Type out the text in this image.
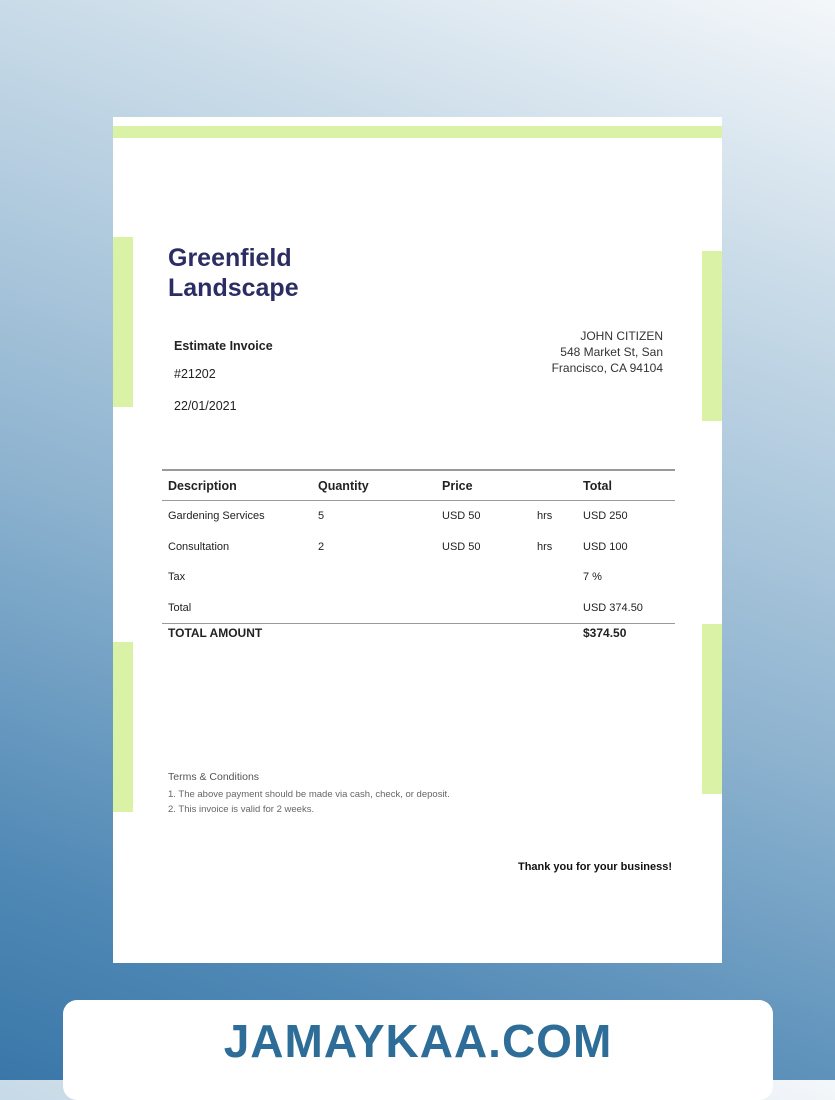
Greenfield
Landscape
Estimate Invoice
#21202
22/01/2021
JOHN CITIZEN
548 Market St, San
Francisco, CA 94104
Description	Quantity	Price		Total
Gardening Services	5	USD 50	hrs	USD 250
Consultation	2	USD 50	hrs	USD 100
Tax				7 %
Total				USD 374.50
TOTAL AMOUNT				$374.50
Terms & Conditions
1. The above payment should be made via cash, check, or deposit.
2. This invoice is valid for 2 weeks.
Thank you for your business!
JAMAYKAA.COM
